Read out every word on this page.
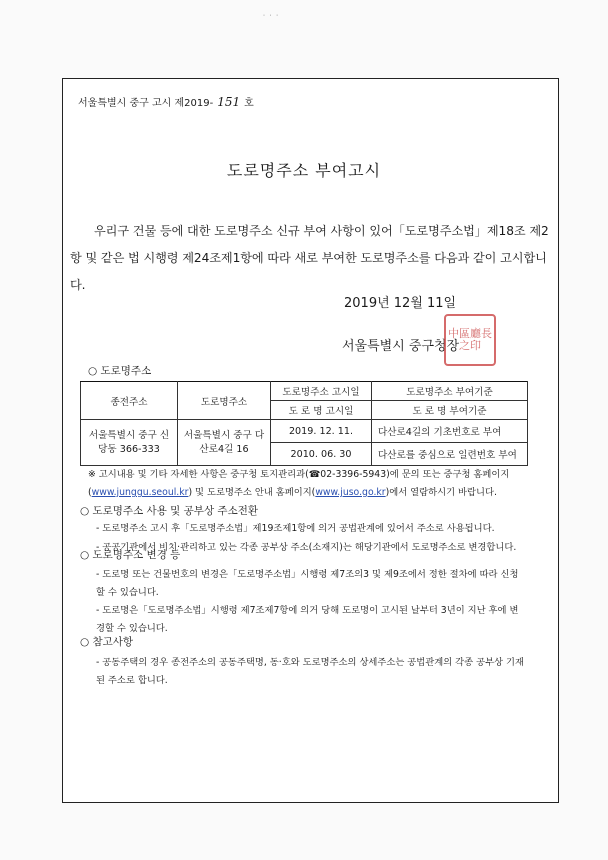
˙ ˙ ˙
서울특별시 중구 고시 제2019- 151 호
도로명주소 부여고시
우리구 건물 등에 대한 도로명주소 신규 부여 사항이 있어「도로명주소법」제18조 제2항 및 같은 법 시행령 제24조제1항에 따라 새로 부여한 도로명주소를 다음과 같이 고시합니다.
2019년 12월 11일
서울특별시 중구청장
中區廳長之印
○ 도로명주소
종전주소	도로명주소	도로명주소 고시일	도로명주소 부여기준
		도 로 명 고시일	도 로 명 부여기준
서울특별시 중구 신당동 366-333	서울특별시 중구 다산로4길 16	2019. 12. 11.	다산로4길의 기초번호로 부여
		2010. 06. 30	다산로를 중심으로 일련번호 부여
※ 고시내용 및 기타 자세한 사항은 중구청 토지관리과(☎02-3396-5943)에 문의 또는 중구청 홈페이지 (www.junggu.seoul.kr) 및 도로명주소 안내 홈페이지(www.juso.go.kr)에서 열람하시기 바랍니다.
○ 도로명주소 사용 및 공부상 주소전환
- 도로명주소 고시 후「도로명주소법」제19조제1항에 의거 공법관계에 있어서 주소로 사용됩니다.
- 공공기관에서 비치·관리하고 있는 각종 공부상 주소(소재지)는 해당기관에서 도로명주소로 변경합니다.
○ 도로명주소 변경 등
- 도로명 또는 건물번호의 변경은「도로명주소법」시행령 제7조의3 및 제9조에서 정한 절차에 따라 신청할 수 있습니다.
- 도로명은「도로명주소법」시행령 제7조제7항에 의거 당해 도로명이 고시된 날부터 3년이 지난 후에 변경할 수 있습니다.
○ 참고사항
- 공동주택의 경우 종전주소의 공동주택명, 동·호와 도로명주소의 상세주소는 공법관계의 각종 공부상 기재된 주소로 합니다.
